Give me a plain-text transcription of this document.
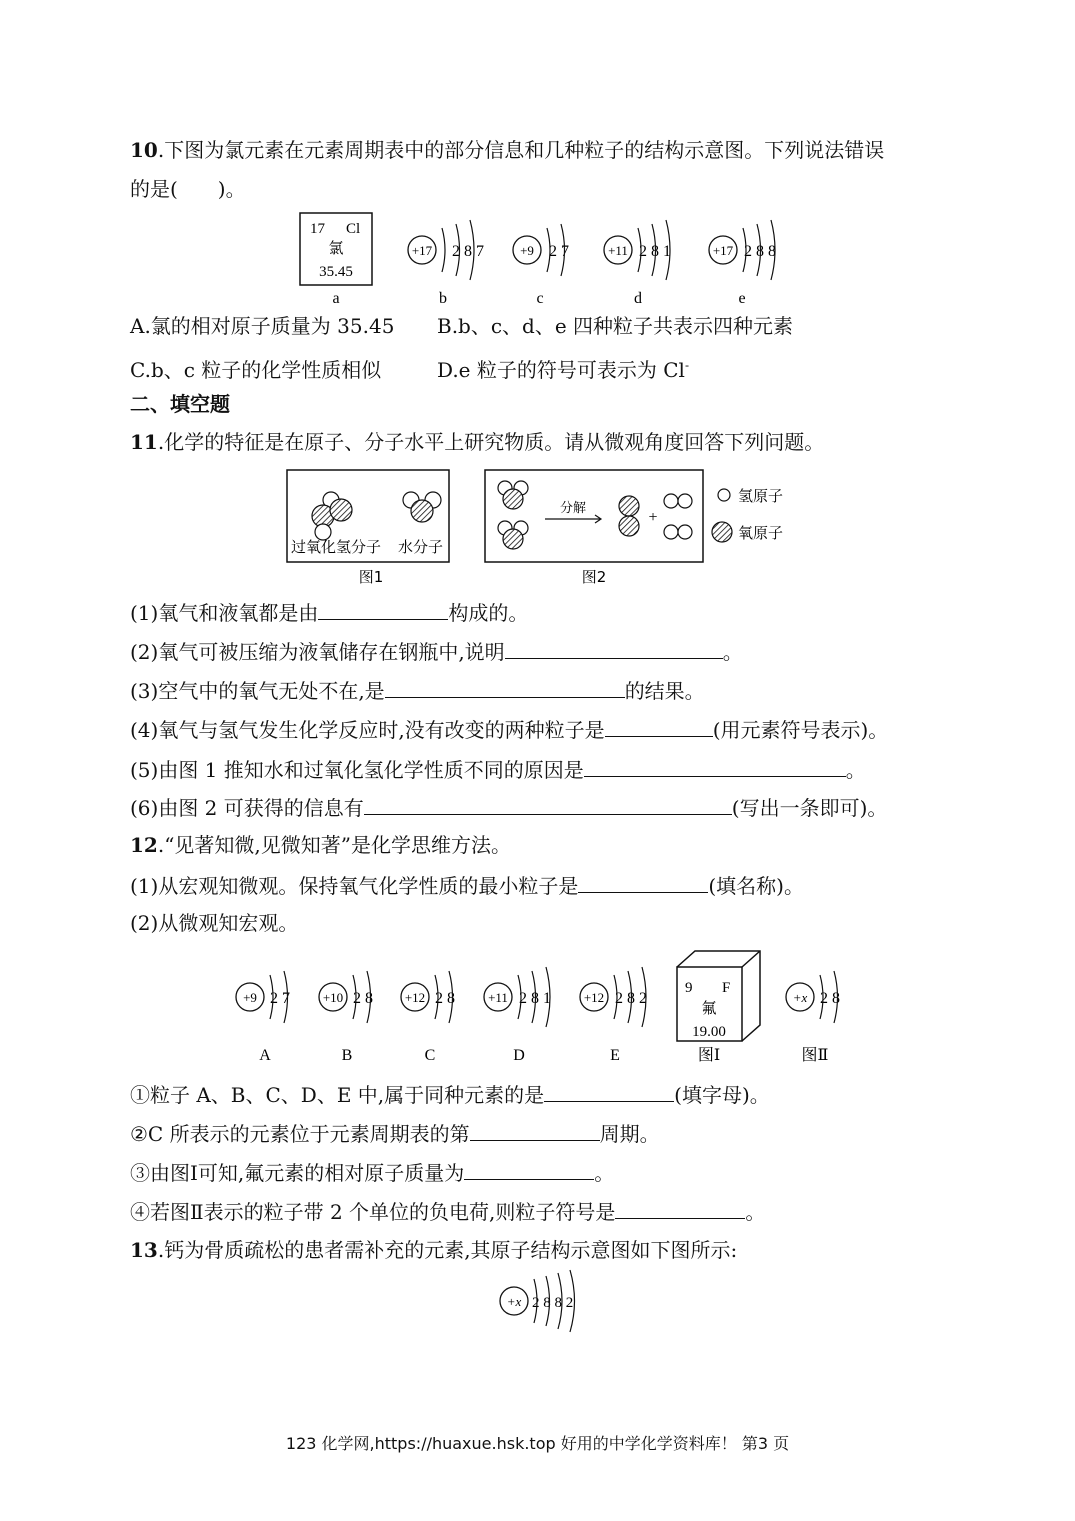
10.下图为氯元素在元素周期表中的部分信息和几种粒子的结构示意图。下列说法错误
的是(　　)。
17 Cl
氯
35.45
+17 2 8 7	+9 2 7	+11 2 8 1	+17 2 8 8
a	b	c	d	e
A.氯的相对原子质量为 35.45 B.b、c、d、e 四种粒子共表示四种元素
C.b、c 粒子的化学性质相似	D.e 粒子的符号可表示为 Cl-
二、填空题
11.化学的特征是在原子、分子水平上研究物质。请从微观角度回答下列问题。
过氧化氢分子 水分子
图1
分解
+
图2
氢原子
氧原子
(1)氧气和液氧都是由	构成的。
(2)氧气可被压缩为液氧储存在钢瓶中,说明	。
(3)空气中的氧气无处不在,是	的结果。
(4)氧气与氢气发生化学反应时,没有改变的两种粒子是	(用元素符号表示)。
(5)由图 1 推知水和过氧化氢化学性质不同的原因是	。
(6)由图 2 可获得的信息有	(写出一条即可)。
12.“见著知微,见微知著”是化学思维方法。
(1)从宏观知微观。保持氧气化学性质的最小粒子是	(填名称)。
(2)从微观知宏观。
+9 2 7	+10 2 8 +12 2 8	+11 2 8 1	+12 2 8 2
9 F
氟
19.00
+x 2 8
A	B	C	D	E	图Ⅰ	图Ⅱ
①粒子 A、B、C、D、E 中,属于同种元素的是	(填字母)。
②C 所表示的元素位于元素周期表的第	周期。
③由图Ⅰ可知,氟元素的相对原子质量为	。
④若图Ⅱ表示的粒子带 2 个单位的负电荷,则粒子符号是	。
13.钙为骨质疏松的患者需补充的元素,其原子结构示意图如下图所示:
+x 2 8 8 2
123 化学网,https://huaxue.hsk.top 好用的中学化学资料库！ 第3 页
